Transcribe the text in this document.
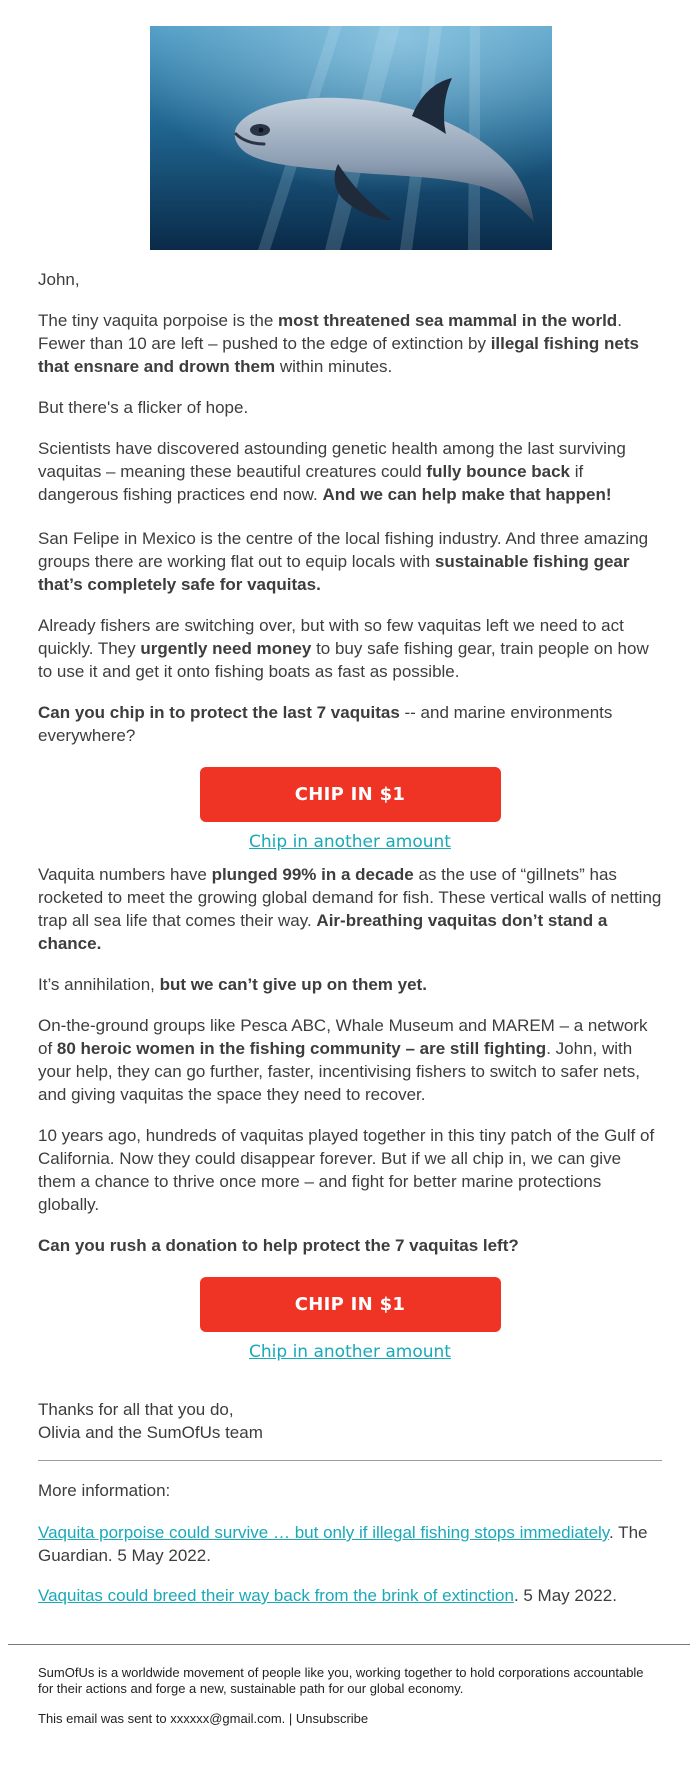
John,

The tiny vaquita porpoise is the most threatened sea mammal in the world. Fewer than 10 are left – pushed to the edge of extinction by illegal fishing nets that ensnare and drown them within minutes.

But there's a flicker of hope.

Scientists have discovered astounding genetic health among the last surviving vaquitas – meaning these beautiful creatures could fully bounce back if dangerous fishing practices end now. And we can help make that happen!

San Felipe in Mexico is the centre of the local fishing industry. And three amazing groups there are working flat out to equip locals with sustainable fishing gear that’s completely safe for vaquitas.

Already fishers are switching over, but with so few vaquitas left we need to act quickly. They urgently need money to buy safe fishing gear, train people on how to use it and get it onto fishing boats as fast as possible.

Can you chip in to protect the last 7 vaquitas -- and marine environments everywhere?

CHIP IN $1
Chip in another amount

Vaquita numbers have plunged 99% in a decade as the use of “gillnets” has rocketed to meet the growing global demand for fish. These vertical walls of netting trap all sea life that comes their way. Air-breathing vaquitas don’t stand a chance.

It’s annihilation, but we can’t give up on them yet.

On-the-ground groups like Pesca ABC, Whale Museum and MAREM – a network of 80 heroic women in the fishing community – are still fighting. John, with your help, they can go further, faster, incentivising fishers to switch to safer nets, and giving vaquitas the space they need to recover.

10 years ago, hundreds of vaquitas played together in this tiny patch of the Gulf of California. Now they could disappear forever. But if we all chip in, we can give them a chance to thrive once more – and fight for better marine protections globally.

Can you rush a donation to help protect the 7 vaquitas left?

CHIP IN $1
Chip in another amount

Thanks for all that you do,
Olivia and the SumOfUs team

More information:

Vaquita porpoise could survive … but only if illegal fishing stops immediately. The Guardian. 5 May 2022.

Vaquitas could breed their way back from the brink of extinction. 5 May 2022.

SumOfUs is a worldwide movement of people like you, working together to hold corporations accountable for their actions and forge a new, sustainable path for our global economy.

This email was sent to xxxxxx@gmail.com. | Unsubscribe
